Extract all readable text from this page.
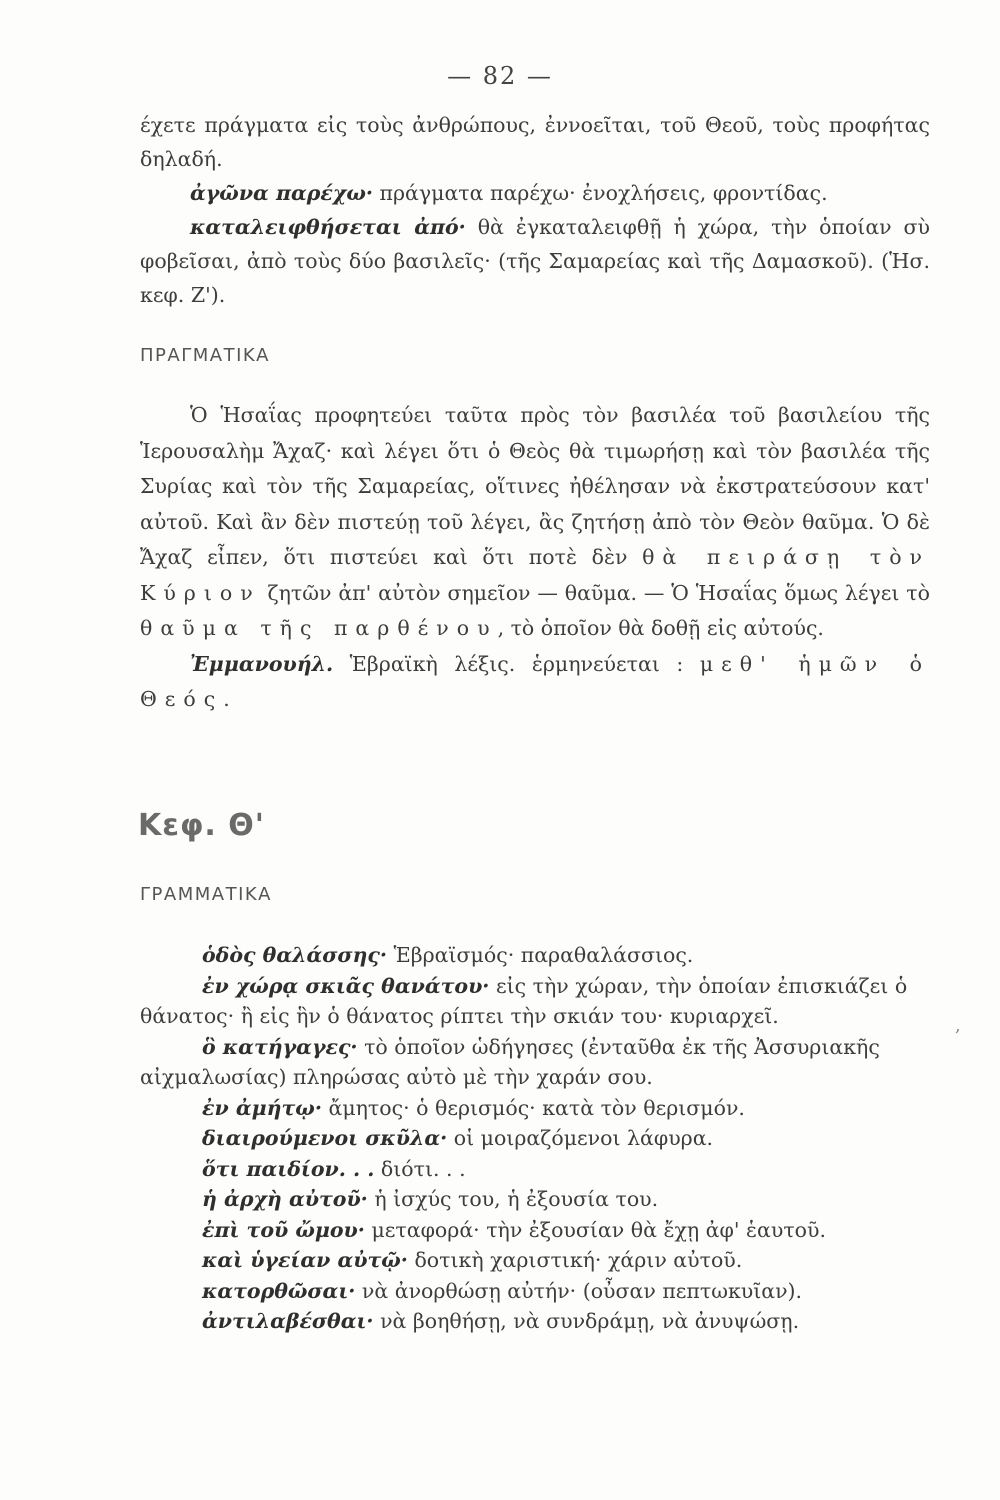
— 82 —

έχετε πράγματα εἰς τοὺς ἀνθρώπους, ἐννοεῖται, τοῦ Θεοῦ, τοὺς προφήτας δηλαδή.

ἀγῶνα παρέχω· πράγματα παρέχω· ἐνοχλήσεις, φροντίδας.

καταλειφθήσεται ἀπό· θὰ ἐγκαταλειφθῇ ἡ χώρα, τὴν ὁποίαν σὺ φοβεῖσαι, ἀπὸ τοὺς δύο βασιλεῖς· (τῆς Σαμαρείας καὶ τῆς Δαμασκοῦ). (Ἡσ. κεφ. Ζ').

ΠΡΑΓΜΑΤΙΚΑ

Ὁ Ἡσαΐας προφητεύει ταῦτα πρὸς τὸν βασιλέα τοῦ βασιλείου τῆς Ἱερουσαλὴμ Ἄχαζ· καὶ λέγει ὅτι ὁ Θεὸς θὰ τιμωρήσῃ καὶ τὸν βασιλέα τῆς Συρίας καὶ τὸν τῆς Σαμαρείας, οἵτινες ἠθέλησαν νὰ ἐκστρατεύσουν κατ' αὐτοῦ. Καὶ ἂν δὲν πιστεύῃ τοῦ λέγει, ἂς ζητήσῃ ἀπὸ τὸν Θεὸν θαῦμα. Ὁ δὲ Ἄχαζ εἶπεν, ὅτι πιστεύει καὶ ὅτι ποτὲ δὲν θὰ πειράσῃ τὸν Κύριον ζητῶν ἀπ' αὐτὸν σημεῖον — θαῦμα. — Ὁ Ἡσαΐας ὅμως λέγει τὸ θαῦμα τῆς παρθένου, τὸ ὁποῖον θὰ δοθῇ εἰς αὐτούς.

Ἐμμανουήλ. Ἑβραϊκὴ λέξις. ἑρμηνεύεται : μεθ' ἡμῶν ὁ Θεός.

Κεφ. Θ'
ΓΡΑΜΜΑΤΙΚΑ

ὁδὸς θαλάσσης· Ἑβραϊσμός· παραθαλάσσιος.

ἐν χώρᾳ σκιᾶς θανάτου· εἰς τὴν χώραν, τὴν ὁποίαν ἐπισκιάζει ὁ θάνατος· ἢ εἰς ἣν ὁ θάνατος ρίπτει τὴν σκιάν του· κυριαρχεῖ.

ὃ κατήγαγες· τὸ ὁποῖον ὡδήγησες (ἐνταῦθα ἐκ τῆς Ἀσσυριακῆς αἰχμαλωσίας) πληρώσας αὐτὸ μὲ τὴν χαράν σου.

ἐν ἀμήτῳ· ἄμητος· ὁ θερισμός· κατὰ τὸν θερισμόν.

διαιρούμενοι σκῦλα· οἱ μοιραζόμενοι λάφυρα.

ὅτι παιδίον. . . διότι. . .

ἡ ἀρχὴ αὐτοῦ· ἡ ἰσχύς του, ἡ ἐξουσία του.

ἐπὶ τοῦ ὤμου· μεταφορά· τὴν ἐξουσίαν θὰ ἔχῃ ἀφ' ἑαυτοῦ.

καὶ ὑγείαν αὐτῷ· δοτικὴ χαριστική· χάριν αὐτοῦ.

κατορθῶσαι· νὰ ἀνορθώσῃ αὐτήν· (οὖσαν πεπτωκυῖαν).

ἀντιλαβέσθαι· νὰ βοηθήσῃ, νὰ συνδράμῃ, νὰ ἀνυψώσῃ.

,
